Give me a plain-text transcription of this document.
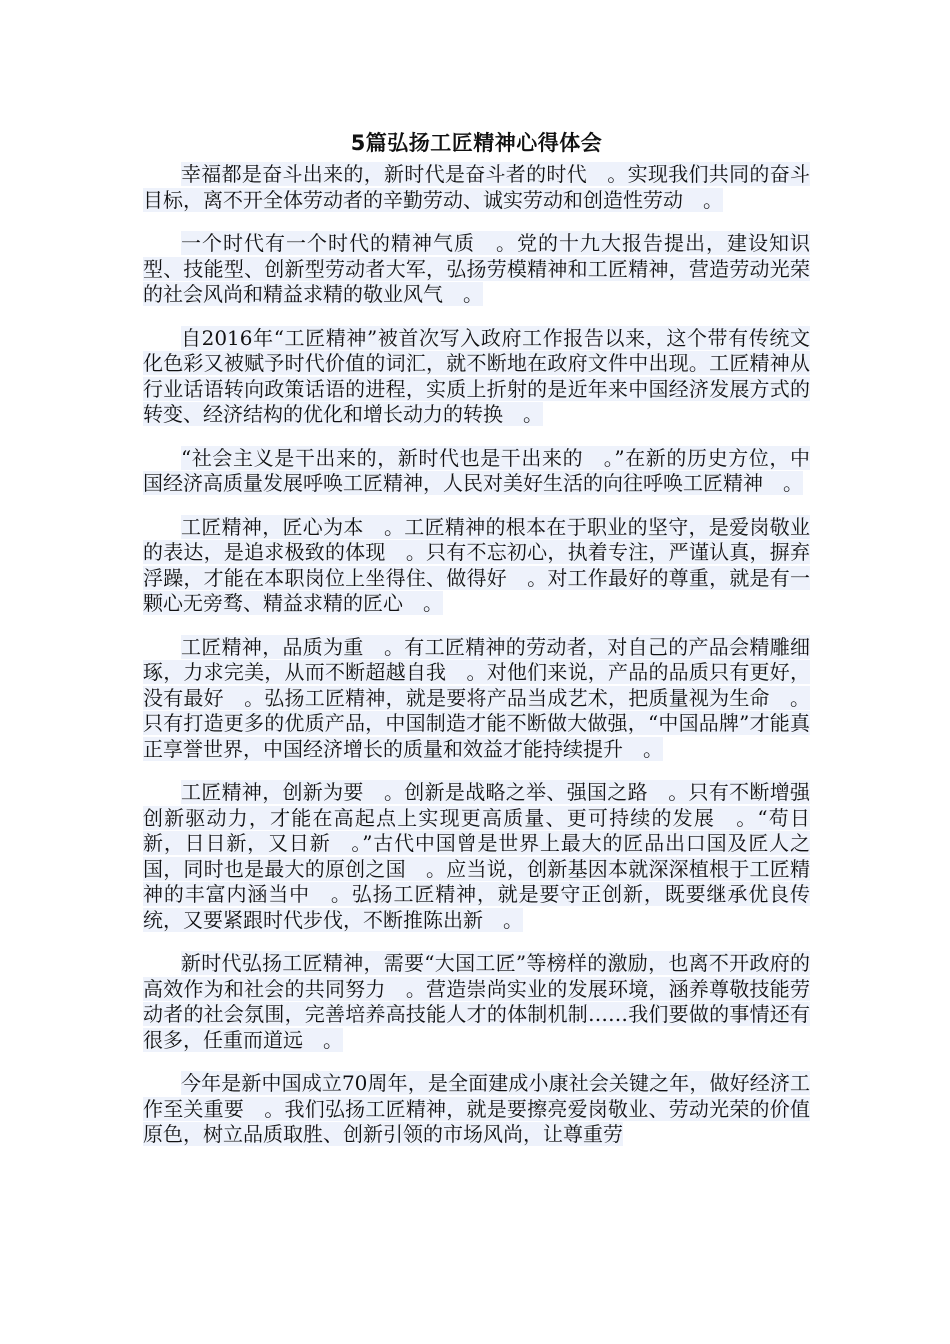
5篇弘扬工匠精神心得体会

幸福都是奋斗出来的，新时代是奋斗者的时代　。实现我们共同的奋斗目标，离不开全体劳动者的辛勤劳动、诚实劳动和创造性劳动　。

一个时代有一个时代的精神气质　。党的十九大报告提出，建设知识型、技能型、创新型劳动者大军，弘扬劳模精神和工匠精神，营造劳动光荣的社会风尚和精益求精的敬业风气　。

自2016年“工匠精神”被首次写入政府工作报告以来，这个带有传统文化色彩又被赋予时代价值的词汇，就不断地在政府文件中出现。工匠精神从行业话语转向政策话语的进程，实质上折射的是近年来中国经济发展方式的转变、经济结构的优化和增长动力的转换　。

“社会主义是干出来的，新时代也是干出来的　。”在新的历史方位，中国经济高质量发展呼唤工匠精神，人民对美好生活的向往呼唤工匠精神　。

工匠精神，匠心为本　。工匠精神的根本在于职业的坚守，是爱岗敬业的表达，是追求极致的体现　。只有不忘初心，执着专注，严谨认真，摒弃浮躁，才能在本职岗位上坐得住、做得好　。对工作最好的尊重，就是有一颗心无旁骛、精益求精的匠心　。

工匠精神，品质为重　。有工匠精神的劳动者，对自己的产品会精雕细琢，力求完美，从而不断超越自我　。对他们来说，产品的品质只有更好，没有最好　。弘扬工匠精神，就是要将产品当成艺术，把质量视为生命　。只有打造更多的优质产品，中国制造才能不断做大做强，“中国品牌”才能真正享誉世界，中国经济增长的质量和效益才能持续提升　。

工匠精神，创新为要　。创新是战略之举、强国之路　。只有不断增强创新驱动力，才能在高起点上实现更高质量、更可持续的发展　。“苟日新，日日新，又日新　。”古代中国曾是世界上最大的匠品出口国及匠人之国，同时也是最大的原创之国　。应当说，创新基因本就深深植根于工匠精神的丰富内涵当中　。弘扬工匠精神，就是要守正创新，既要继承优良传统，又要紧跟时代步伐，不断推陈出新　。

新时代弘扬工匠精神，需要“大国工匠”等榜样的激励，也离不开政府的高效作为和社会的共同努力　。营造崇尚实业的发展环境，涵养尊敬技能劳动者的社会氛围，完善培养高技能人才的体制机制……我们要做的事情还有很多，任重而道远　。

今年是新中国成立70周年，是全面建成小康社会关键之年，做好经济工作至关重要　。我们弘扬工匠精神，就是要擦亮爱岗敬业、劳动光荣的价值原色，树立品质取胜、创新引领的市场风尚，让尊重劳
